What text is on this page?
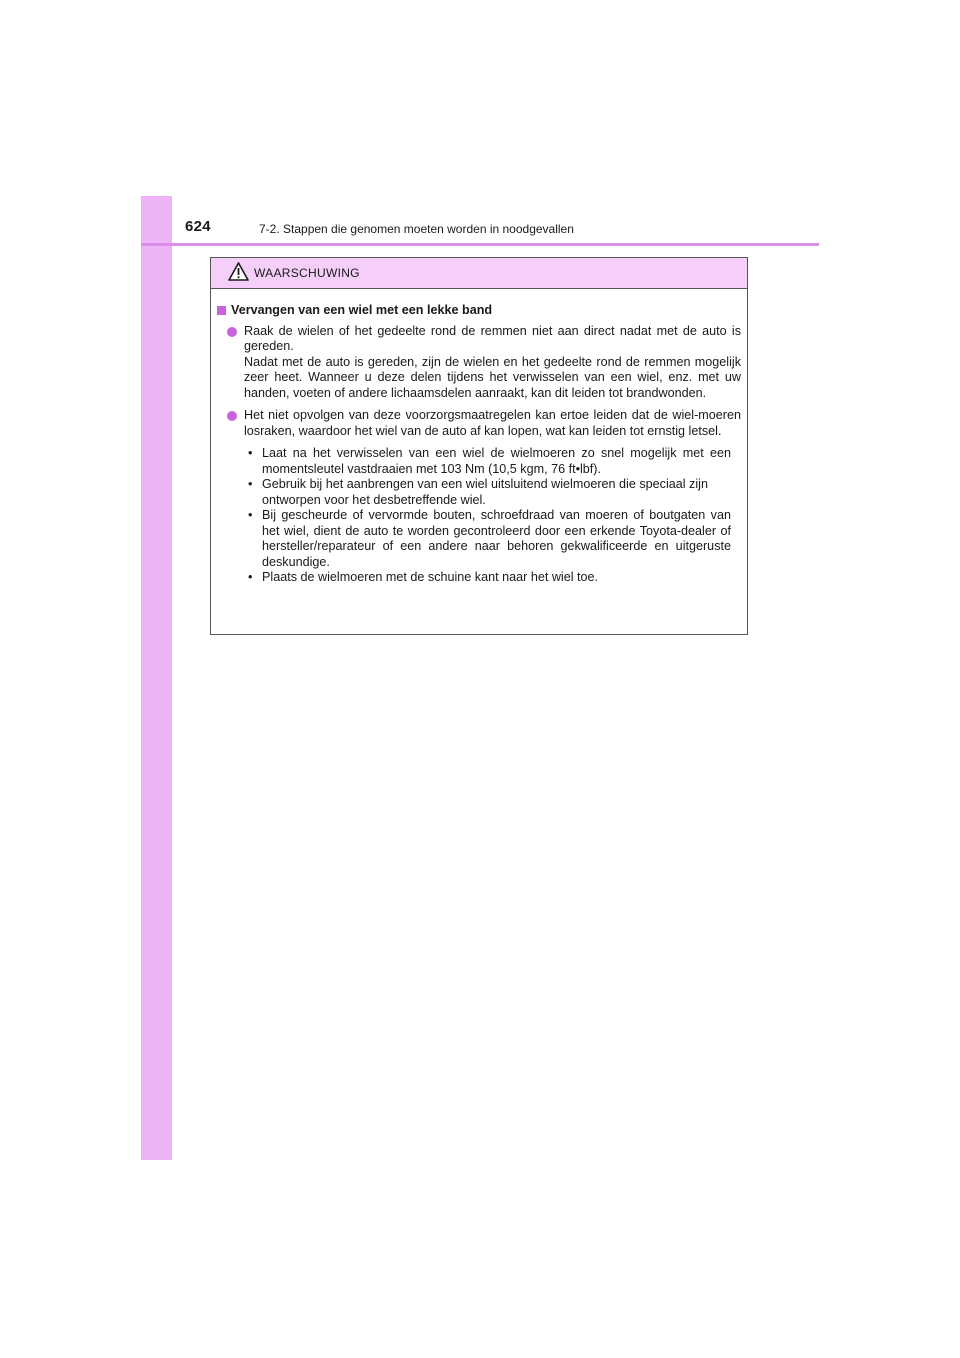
624	7-2. Stappen die genomen moeten worden in noodgevallen
WAARSCHUWING
Vervangen van een wiel met een lekke band

Raak de wielen of het gedeelte rond de remmen niet aan direct nadat met de auto is gereden.

Nadat met de auto is gereden, zijn de wielen en het gedeelte rond de remmen mogelijk zeer heet. Wanneer u deze delen tijdens het verwisselen van een wiel, enz. met uw handen, voeten of andere lichaamsdelen aanraakt, kan dit leiden tot brandwonden.

Het niet opvolgen van deze voorzorgsmaatregelen kan ertoe leiden dat de wiel-moeren losraken, waardoor het wiel van de auto af kan lopen, wat kan leiden tot ernstig letsel.

• Laat na het verwisselen van een wiel de wielmoeren zo snel mogelijk met een momentsleutel vastdraaien met 103 Nm (10,5 kgm, 76 ft•lbf).
• Gebruik bij het aanbrengen van een wiel uitsluitend wielmoeren die speciaal zijn ontworpen voor het desbetreffende wiel.
• Bij gescheurde of vervormde bouten, schroefdraad van moeren of boutgaten van het wiel, dient de auto te worden gecontroleerd door een erkende Toyota-dealer of hersteller/reparateur of een andere naar behoren gekwalificeerde en uitgeruste deskundige.
• Plaats de wielmoeren met de schuine kant naar het wiel toe.
